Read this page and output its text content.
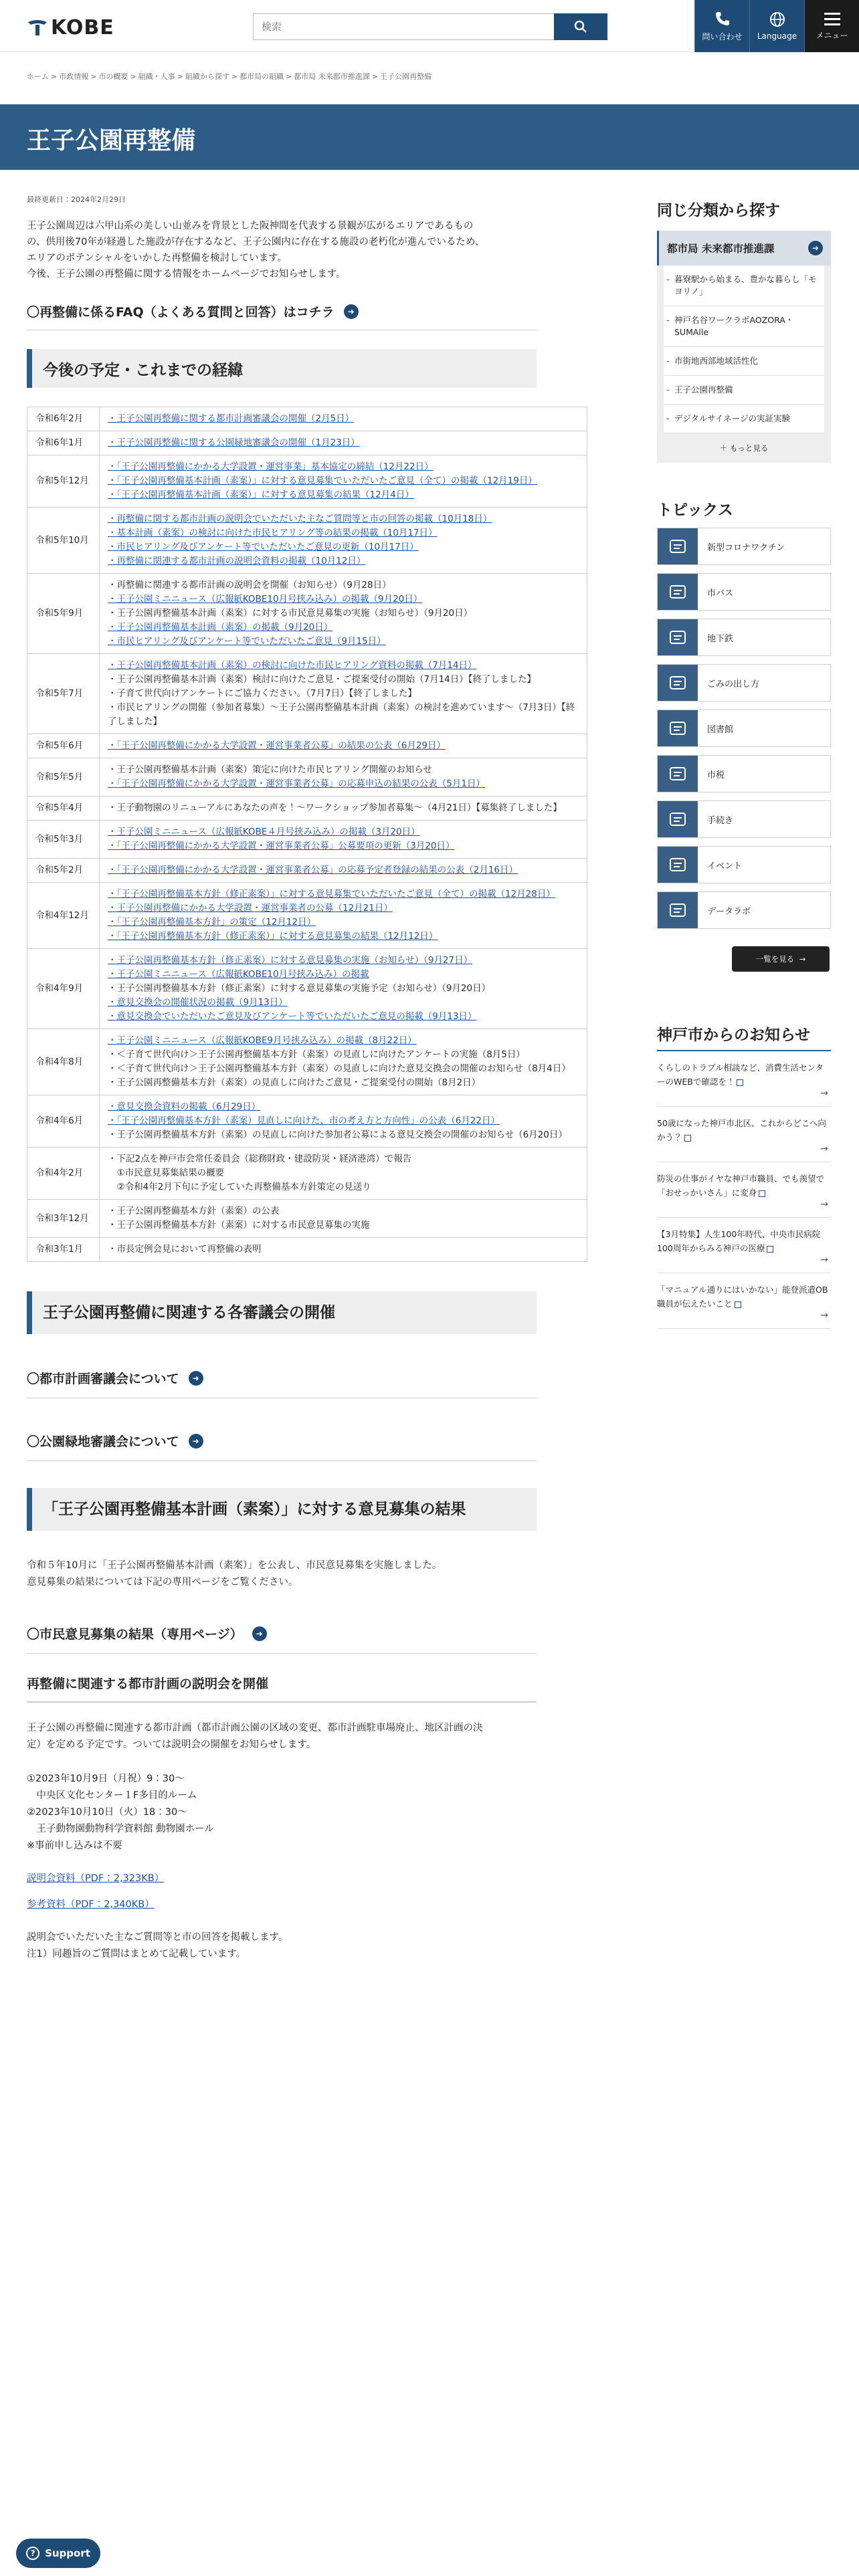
KOBE
検索	問い合わせ Language メニュー
ホーム > 市政情報 > 市の概要 > 組織・人事 > 組織から探す > 都市局の組織 > 都市局 未来都市推進課 > 王子公園再整備
王子公園再整備
最終更新日：2024年2月29日
王子公園周辺は六甲山系の美しい山並みを背景とした阪神間を代表する景観が広がるエリアであるもの
の、供用後70年が経過した施設が存在するなど、王子公園内に存在する施設の老朽化が進んでいるため、
エリアのポテンシャルをいかした再整備を検討しています。
今後、王子公園の再整備に関する情報をホームページでお知らせします。
〇再整備に係るFAQ（よくある質問と回答）はコチラ	➜
今後の予定・これまでの経緯
令和6年2月	・王子公園再整備に関する都市計画審議会の開催（2月5日）

令和6年1月	・王子公園再整備に関する公園緑地審議会の開催（1月23日）

令和5年12月	・「王子公園再整備にかかる大学設置・運営事業」基本協定の締結（12月22日）
・「王子公園再整備基本計画（素案）」に対する意見募集でいただいたご意見（全て）の掲載（12月19日）
・「王子公園再整備基本計画（素案）」に対する意見募集の結果（12月4日）

令和5年10月	・再整備に関する都市計画の説明会でいただいた主なご質問等と市の回答の掲載（10月18日）
・基本計画（素案）の検討に向けた市民ヒアリング等の結果の掲載（10月17日）
・市民ヒアリング及びアンケート等でいただいたご意見の更新（10月17日）
・再整備に関連する都市計画の説明会資料の掲載（10月12日）

令和5年9月	・再整備に関連する都市計画の説明会を開催（お知らせ）（9月28日）
・王子公園ミニニュース（広報紙KOBE10月号挟み込み）の掲載（9月20日）
・王子公園再整備基本計画（素案）に対する市民意見募集の実施（お知らせ）（9月20日）
・王子公園再整備基本計画（素案）の掲載（9月20日）
・市民ヒアリング及びアンケート等でいただいたご意見（9月15日）

令和5年7月	・王子公園再整備基本計画（素案）の検討に向けた市民ヒアリング資料の掲載（7月14日）
・王子公園再整備基本計画（素案）検討に向けたご意見・ご提案受付の開始（7月14日）【終了しました】
・子育て世代向けアンケートにご協力ください。（7月7日）【終了しました】
・市民ヒアリングの開催（参加者募集）～王子公園再整備基本計画（素案）の検討を進めています～（7月3日）【終了しました】

令和5年6月	・「王子公園再整備にかかる大学設置・運営事業者公募」の結果の公表（6月29日）

令和5年5月	・王子公園再整備基本計画（素案）策定に向けた市民ヒアリング開催のお知らせ
・「王子公園再整備にかかる大学設置・運営事業者公募」の応募申込の結果の公表（5月1日）

令和5年4月	・王子動物園のリニューアルにあなたの声を！～ワークショップ参加者募集～（4月21日）【募集終了しました】

令和5年3月	・王子公園ミニニュース（広報紙KOBE４月号挟み込み）の掲載（3月20日）
・「王子公園再整備にかかる大学設置・運営事業者公募」公募要項の更新（3月20日）

令和5年2月	・「王子公園再整備にかかる大学設置・運営事業者公募」の応募予定者登録の結果の公表（2月16日）

令和4年12月	・「王子公園再整備基本方針（修正素案）」に対する意見募集でいただいたご意見（全て）の掲載（12月28日）
・王子公園再整備にかかる大学設置・運営事業者の公募（12月21日）
・「王子公園再整備基本方針」の策定（12月12日）
・「王子公園再整備基本方針（修正素案）」に対する意見募集の結果（12月12日）

令和4年9月	・王子公園再整備基本方針（修正素案）に対する意見募集の実施（お知らせ）（9月27日）
・王子公園ミニニュース（広報紙KOBE10月号挟み込み）の掲載
・王子公園再整備基本方針（修正素案）に対する意見募集の実施予定（お知らせ）（9月20日）
・意見交換会の開催状況の掲載（9月13日）
・意見交換会でいただいたご意見及びアンケート等でいただいたご意見の掲載（9月13日）

令和4年8月	・王子公園ミニニュース（広報紙KOBE9月号挟み込み）の掲載（8月22日）
・＜子育て世代向け＞王子公園再整備基本方針（素案）の見直しに向けたアンケートの実施（8月5日）
・＜子育て世代向け＞王子公園再整備基本方針（素案）の見直しに向けた意見交換会の開催のお知らせ（8月4日）
・王子公園再整備基本方針（素案）の見直しに向けたご意見・ご提案受付の開始（8月2日）

令和4年6月	・意見交換会資料の掲載（6月29日）
・「王子公園再整備基本方針（素案）見直しに向けた、市の考え方と方向性」の公表（6月22日）
・王子公園再整備基本方針（素案）の見直しに向けた参加者公募による意見交換会の開催のお知らせ（6月20日）

令和4年2月	・下記2点を神戸市会常任委員会（総務財政・建設防災・経済港湾）で報告
　①市民意見募集結果の概要
　②令和4年2月下旬に予定していた再整備基本方針策定の見送り

令和3年12月	・王子公園再整備基本方針（素案）の公表
・王子公園再整備基本方針（素案）に対する市民意見募集の実施

令和3年1月	・市長定例会見において再整備の表明
王子公園再整備に関連する各審議会の開催
〇都市計画審議会について	➜
〇公園緑地審議会について	➜
「王子公園再整備基本計画（素案）」に対する意見募集の結果
令和５年10月に「王子公園再整備基本計画（素案）」を公表し、市民意見募集を実施しました。
意見募集の結果については下記の専用ページをご覧ください。
〇市民意見募集の結果（専用ページ）	➜
再整備に関連する都市計画の説明会を開催
王子公園の再整備に関連する都市計画（都市計画公園の区域の変更、都市計画駐車場廃止、地区計画の決
定）を定める予定です。ついては説明会の開催をお知らせします。
①2023年10月9日（月祝）9：30～
　中央区文化センター１F多目的ルーム
②2023年10月10日（火）18：30～
　王子動物園動物科学資料館 動物園ホール
※事前申し込みは不要
説明会資料（PDF：2,323KB）
参考資料（PDF：2,340KB）
説明会でいただいた主なご質問等と市の回答を掲載します。
注1）同趣旨のご質問はまとめて記載しています。
同じ分類から探す
都市局 未来都市推進課	➜
- 暮寮駅から始まる、豊かな暮らし「モヨリノ」
- 神戸名谷ワークラボAOZORA・SUMAlle
- 市街地西部地域活性化
- 王子公園再整備
- デジタルサイネージの実証実験
＋ もっと見る
トピックス
新型コロナワクチン
市バス
地下鉄
ごみの出し方
図書館
市税
手続き
イベント
データラボ
一覧を見る
→
神戸市からのお知らせ
くらしのトラブル相談など、消費生活センターのWEBで確認を！
→
50歳になった神戸市北区、これからどこへ向かう？
→
防災の仕事がイヤな神戸市職員、でも羨望で「おせっかいさん」に変身
→
【3月特集】人生100年時代、中央市民病院100周年からみる神戸の医療
→
「マニュアル通りにはいかない」能登派遣OB職員が伝えたいこと
→
? Support
